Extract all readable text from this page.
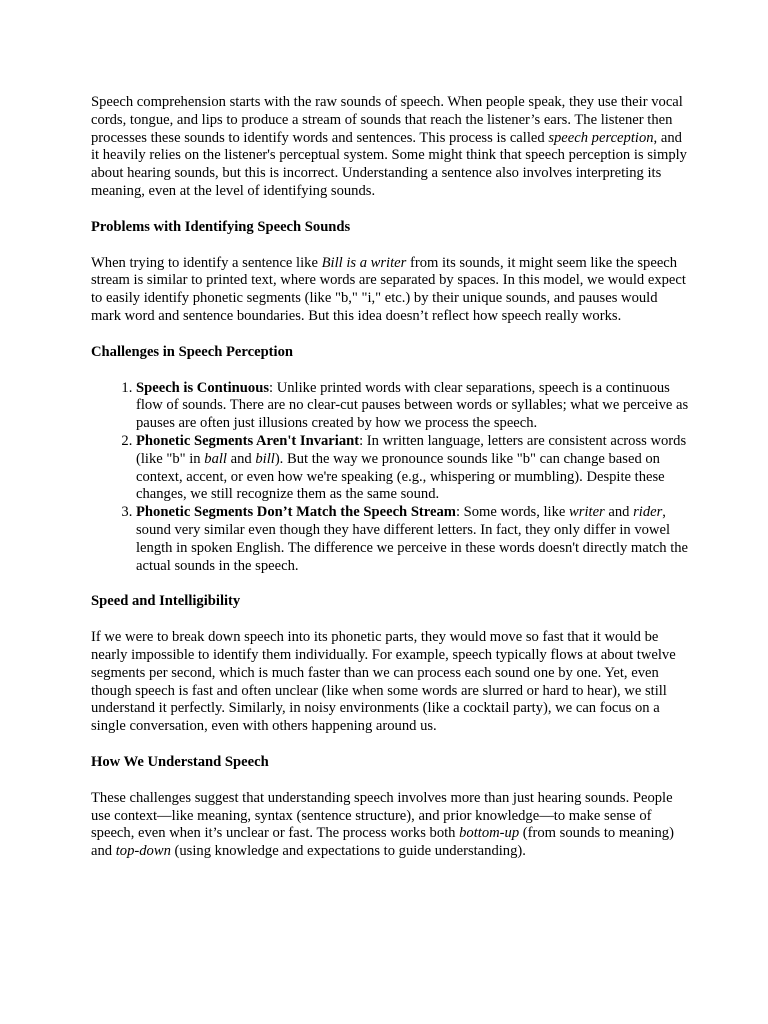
Speech comprehension starts with the raw sounds of speech. When people speak, they use their vocal cords, tongue, and lips to produce a stream of sounds that reach the listener’s ears. The listener then processes these sounds to identify words and sentences. This process is called speech perception, and it heavily relies on the listener's perceptual system. Some might think that speech perception is simply about hearing sounds, but this is incorrect. Understanding a sentence also involves interpreting its meaning, even at the level of identifying sounds.

Problems with Identifying Speech Sounds

When trying to identify a sentence like Bill is a writer from its sounds, it might seem like the speech stream is similar to printed text, where words are separated by spaces. In this model, we would expect to easily identify phonetic segments (like "b," "i," etc.) by their unique sounds, and pauses would mark word and sentence boundaries. But this idea doesn’t reflect how speech really works.

Challenges in Speech Perception
1. Speech is Continuous: Unlike printed words with clear separations, speech is a continuous flow of sounds. There are no clear-cut pauses between words or syllables; what we perceive as pauses are often just illusions created by how we process the speech.
2. Phonetic Segments Aren't Invariant: In written language, letters are consistent across words (like "b" in ball and bill). But the way we pronounce sounds like "b" can change based on context, accent, or even how we're speaking (e.g., whispering or mumbling). Despite these changes, we still recognize them as the same sound.
3. Phonetic Segments Don’t Match the Speech Stream: Some words, like writer and rider, sound very similar even though they have different letters. In fact, they only differ in vowel length in spoken English. The difference we perceive in these words doesn't directly match the actual sounds in the speech.
Speed and Intelligibility

If we were to break down speech into its phonetic parts, they would move so fast that it would be nearly impossible to identify them individually. For example, speech typically flows at about twelve segments per second, which is much faster than we can process each sound one by one. Yet, even though speech is fast and often unclear (like when some words are slurred or hard to hear), we still understand it perfectly. Similarly, in noisy environments (like a cocktail party), we can focus on a single conversation, even with others happening around us.

How We Understand Speech

These challenges suggest that understanding speech involves more than just hearing sounds. People use context—like meaning, syntax (sentence structure), and prior knowledge—to make sense of speech, even when it’s unclear or fast. The process works both bottom-up (from sounds to meaning) and top-down (using knowledge and expectations to guide understanding).
